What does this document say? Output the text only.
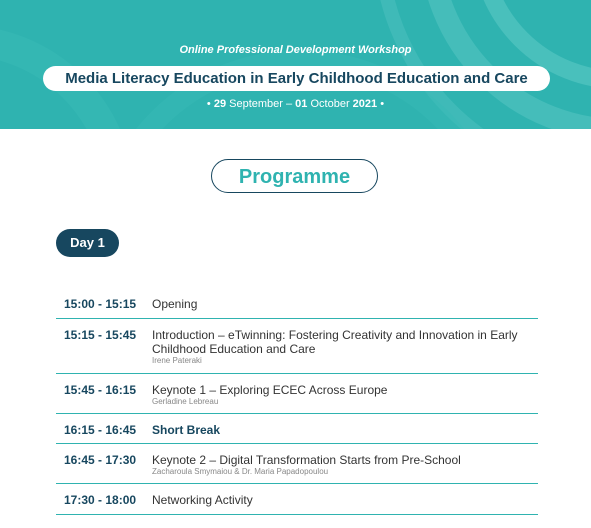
Online Professional Development Workshop
Media Literacy Education in Early Childhood Education and Care
• 29 September – 01 October 2021 •
Programme
Day 1
15:00 - 15:15 Opening
15:15 - 15:45 Introduction – eTwinning: Fostering Creativity and Innovation in Early Childhood Education and Care
Irene Pateraki
15:45 - 16:15 Keynote 1 – Exploring ECEC Across Europe
Gerladine Lebreau
16:15 - 16:45 Short Break
16:45 - 17:30 Keynote 2 – Digital Transformation Starts from Pre-School
Zacharoula Smymaiou & Dr. Maria Papadopoulou
17:30 - 18:00 Networking Activity
